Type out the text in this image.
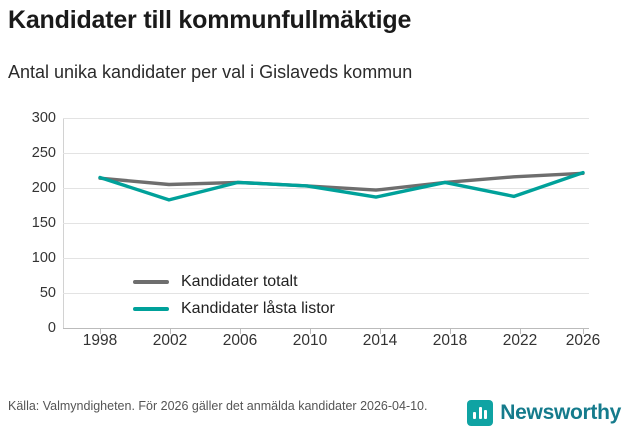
Kandidater till kommunfullmäktige
Antal unika kandidater per val i Gislaveds kommun
300
250
200
150
100
50
0
Kandidater totalt
Kandidater låsta listor
1998 2002 2006 2010 2014 2018 2022 2026
Källa: Valmyndigheten. För 2026 gäller det anmälda kandidater 2026-04-10.	Newsworthy
